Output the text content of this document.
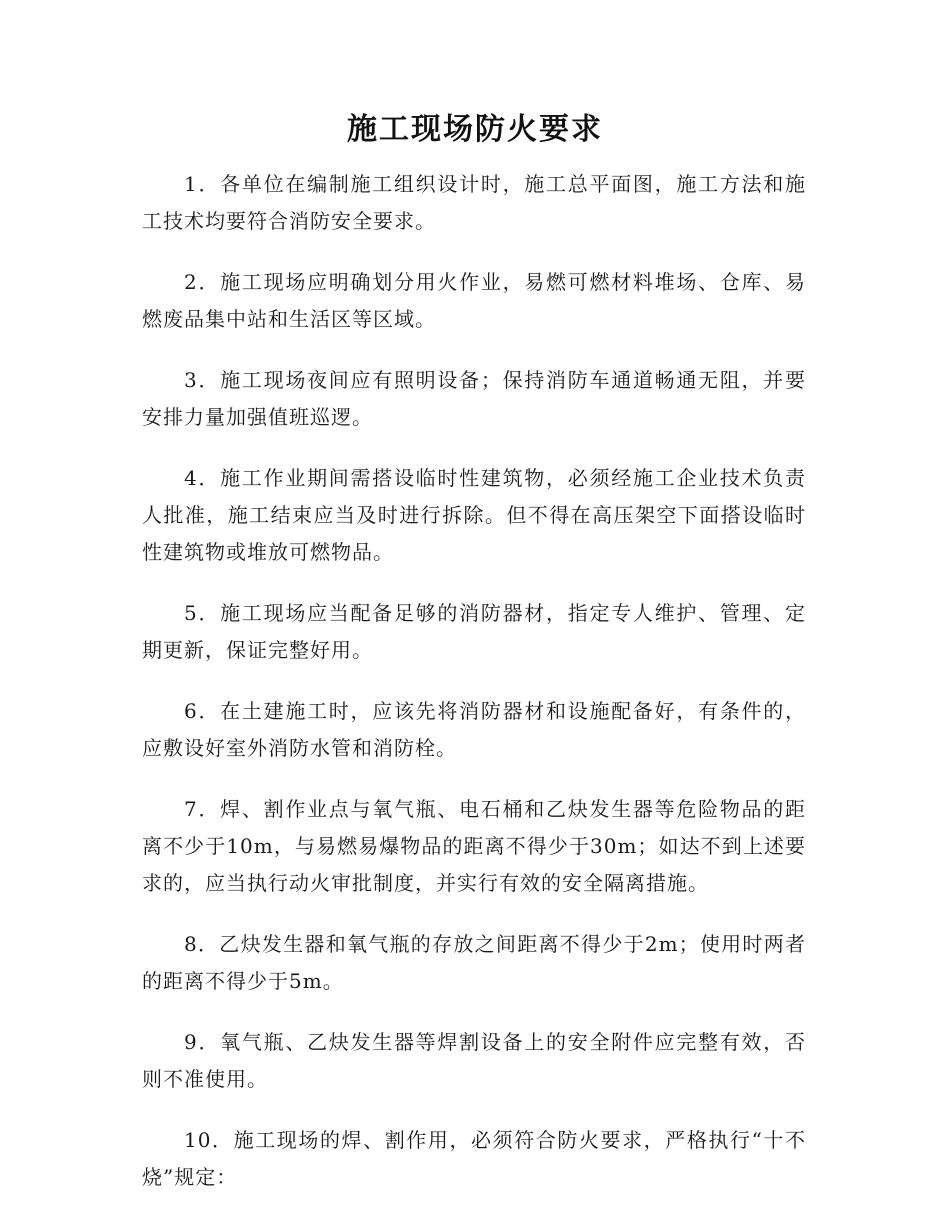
施工现场防火要求

1．各单位在编制施工组织设计时，施工总平面图，施工方法和施工技术均要符合消防安全要求。

2．施工现场应明确划分用火作业，易燃可燃材料堆场、仓库、易燃废品集中站和生活区等区域。

3．施工现场夜间应有照明设备；保持消防车通道畅通无阻，并要安排力量加强值班巡逻。

4．施工作业期间需搭设临时性建筑物，必须经施工企业技术负责人批准，施工结束应当及时进行拆除。但不得在高压架空下面搭设临时性建筑物或堆放可燃物品。

5．施工现场应当配备足够的消防器材，指定专人维护、管理、定期更新，保证完整好用。

6．在土建施工时，应该先将消防器材和设施配备好，有条件的，应敷设好室外消防水管和消防栓。

7．焊、割作业点与氧气瓶、电石桶和乙炔发生器等危险物品的距离不少于10m，与易燃易爆物品的距离不得少于30m；如达不到上述要求的，应当执行动火审批制度，并实行有效的安全隔离措施。

8．乙炔发生器和氧气瓶的存放之间距离不得少于2m；使用时两者的距离不得少于5m。

9．氧气瓶、乙炔发生器等焊割设备上的安全附件应完整有效，否则不准使用。

10．施工现场的焊、割作用，必须符合防火要求，严格执行“十不烧”规定：
